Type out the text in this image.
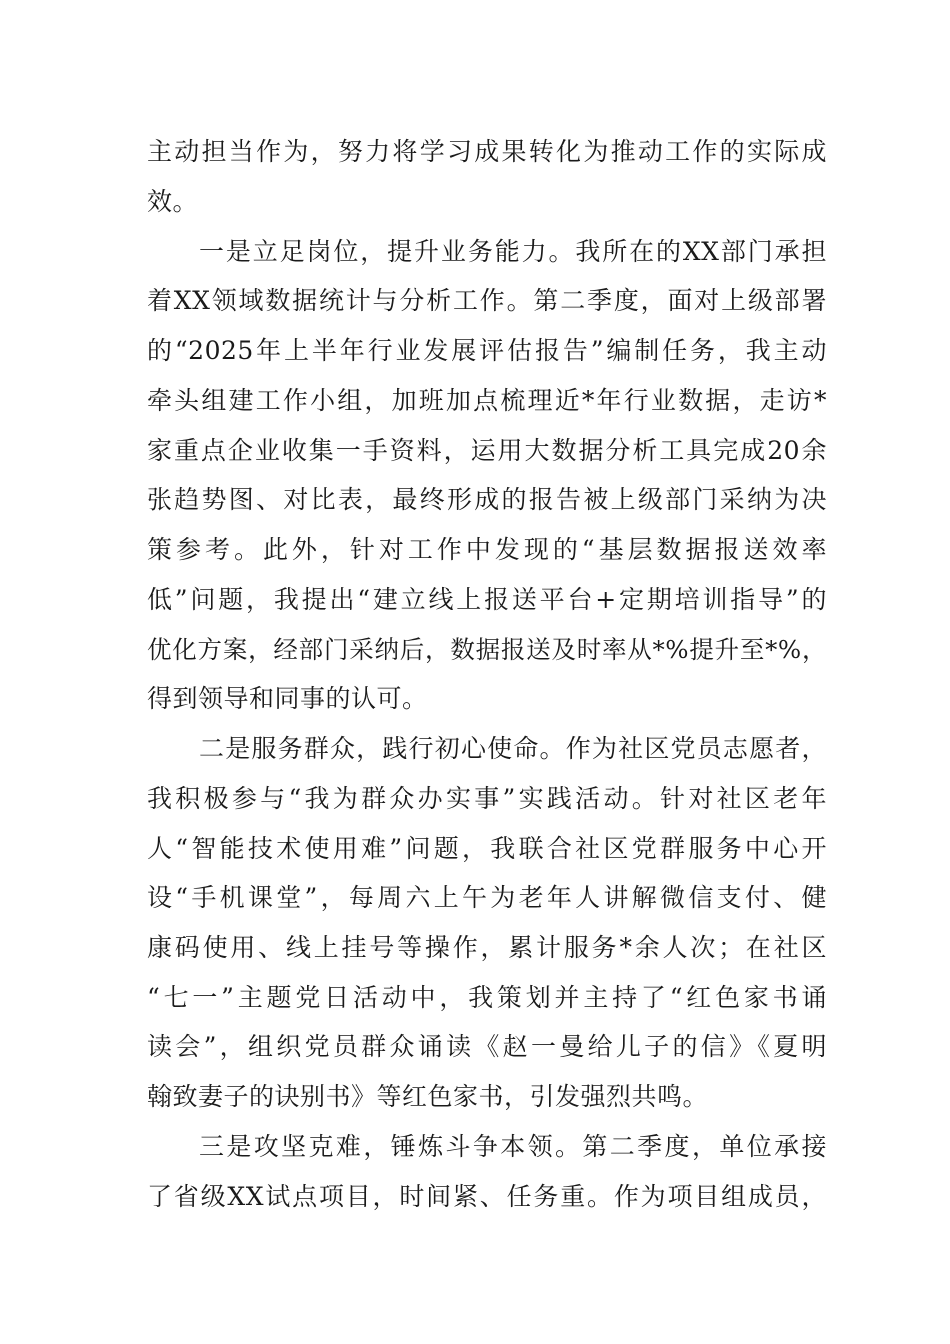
主动担当作为，努力将学习成果转化为推动工作的实际成
效。
一是立足岗位，提升业务能力。我所在的XX部门承担
着XX领域数据统计与分析工作。第二季度，面对上级部署
的“2025年上半年行业发展评估报告”编制任务，我主动
牵头组建工作小组，加班加点梳理近*年行业数据，走访*
家重点企业收集一手资料，运用大数据分析工具完成20余
张趋势图、对比表，最终形成的报告被上级部门采纳为决
策参考。此外，针对工作中发现的“基层数据报送效率
低”问题，我提出“建立线上报送平台+定期培训指导”的
优化方案，经部门采纳后，数据报送及时率从*%提升至*%，
得到领导和同事的认可。
二是服务群众，践行初心使命。作为社区党员志愿者，
我积极参与“我为群众办实事”实践活动。针对社区老年
人“智能技术使用难”问题，我联合社区党群服务中心开
设“手机课堂”，每周六上午为老年人讲解微信支付、健
康码使用、线上挂号等操作，累计服务*余人次；在社区
“七一”主题党日活动中，我策划并主持了“红色家书诵
读会”，组织党员群众诵读《赵一曼给儿子的信》《夏明
翰致妻子的诀别书》等红色家书，引发强烈共鸣。
三是攻坚克难，锤炼斗争本领。第二季度，单位承接
了省级XX试点项目，时间紧、任务重。作为项目组成员，
